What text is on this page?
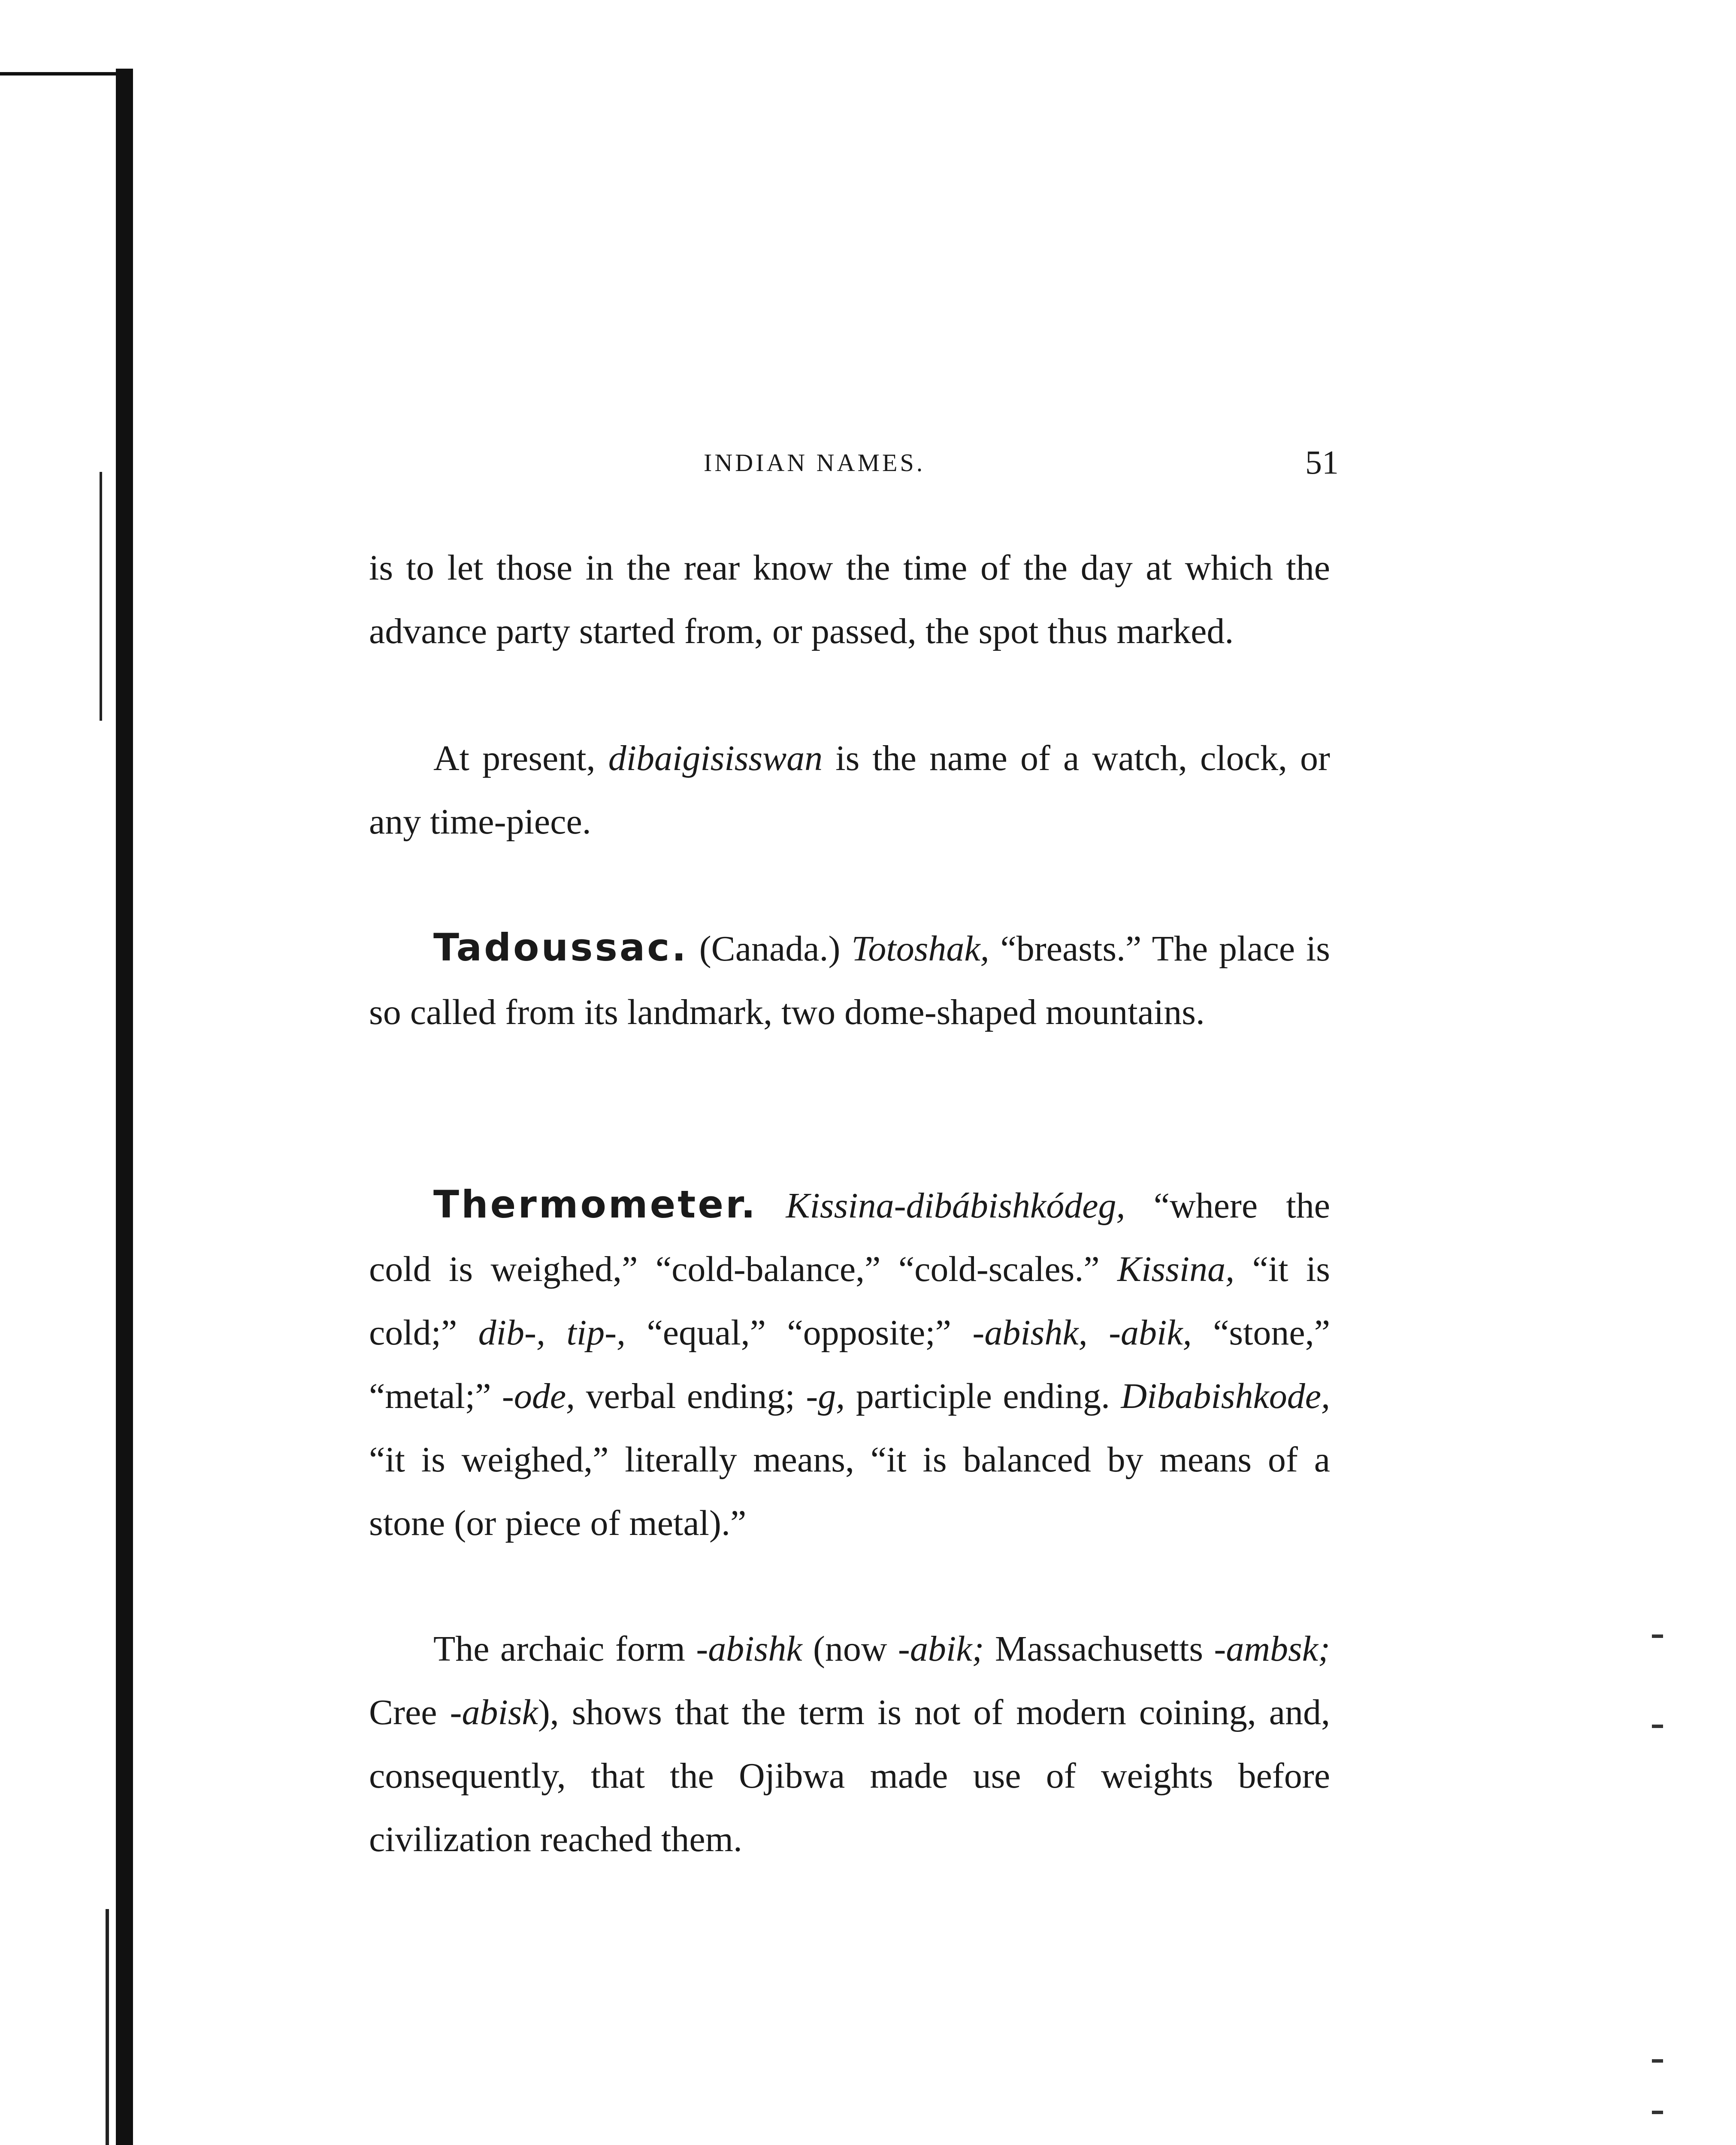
INDIAN NAMES.	51
is to let those in the rear know the time of the day at which the advance party started from, or passed, the spot thus marked.
At present, dibaigisisswan is the name of a watch, clock, or any time-piece.
Tadoussac. (Canada.) Totoshak, “breasts.” The place is so called from its landmark, two dome-shaped mountains.
Thermometer. Kissina-dibábishkódeg, “where the cold is weighed,” “cold-balance,” “cold-scales.” Kissina, “it is cold;” dib-, tip-, “equal,” “opposite;” -abishk, -abik, “stone,” “metal;” -ode, verbal ending; -g, participle ending. Dibabishkode, “it is weighed,” literally means, “it is balanced by means of a stone (or piece of metal).”
The archaic form -abishk (now -abik; Massachusetts -ambsk; Cree -abisk), shows that the term is not of modern coining, and, consequently, that the Ojibwa made use of weights before civilization reached them.
